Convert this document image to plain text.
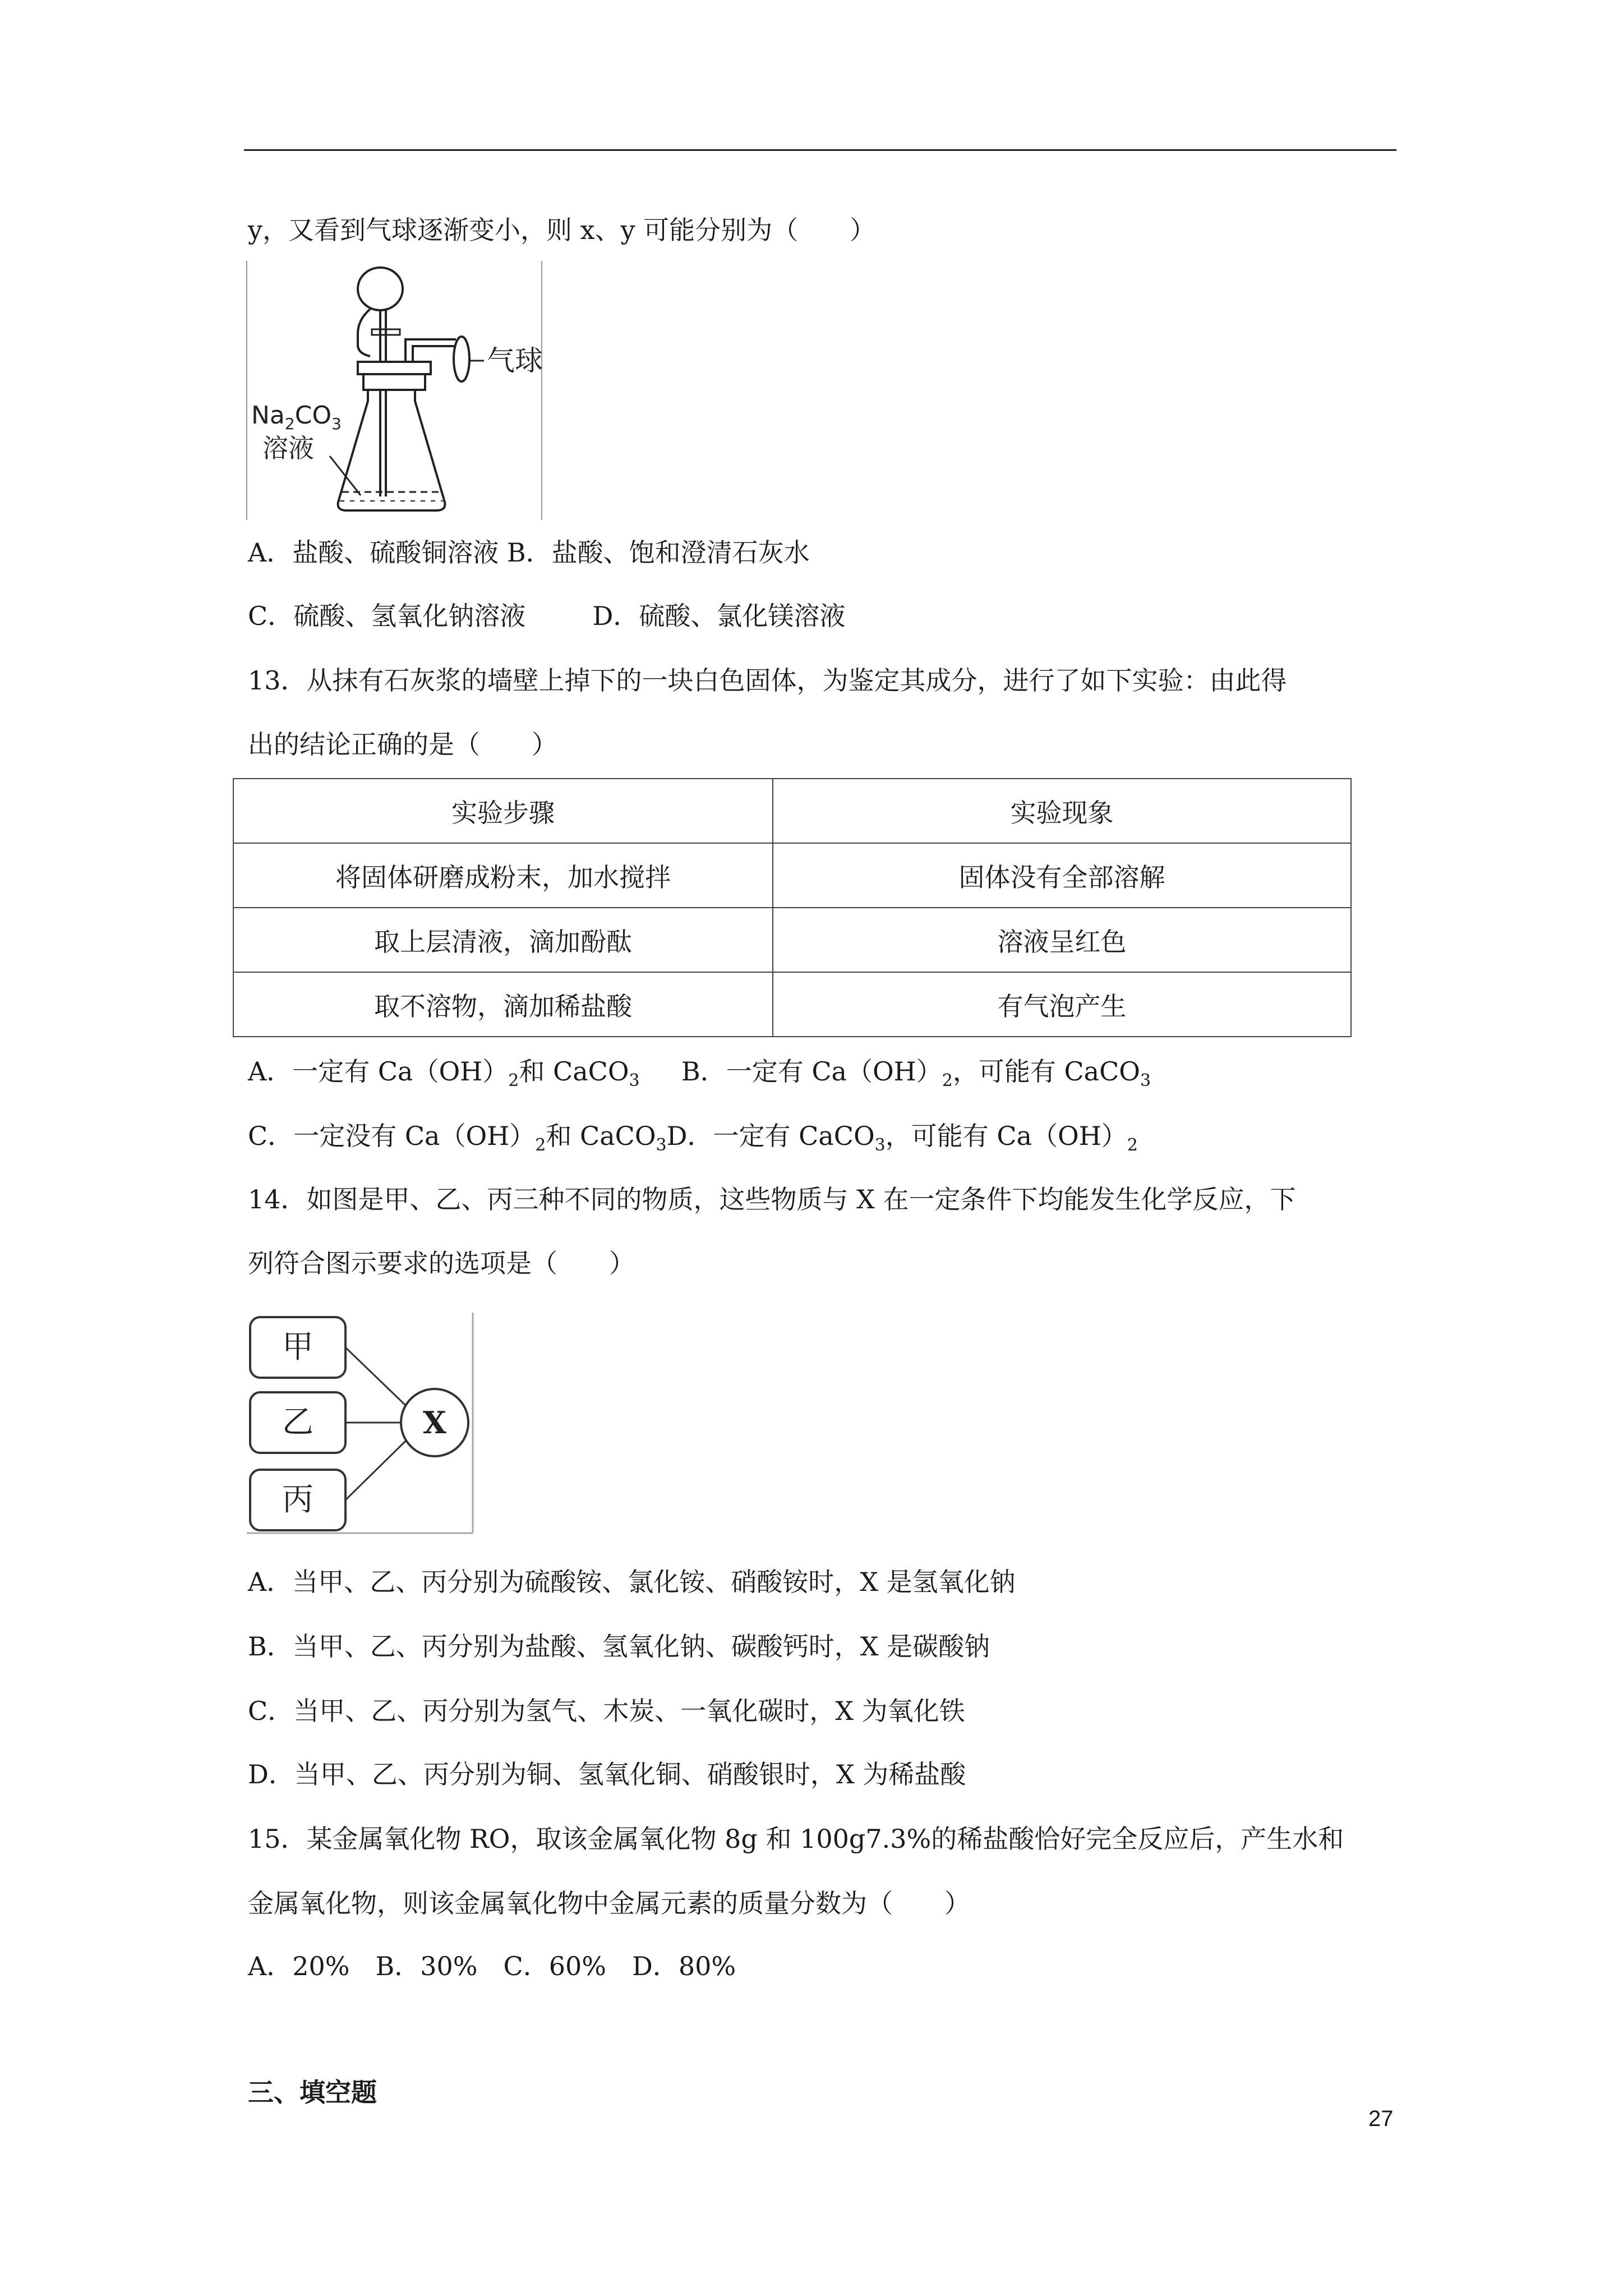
y，又看到气球逐渐变小，则 x、y 可能分别为（　　）
气球
$Na_2CO_3$
溶液
A．盐酸、硫酸铜溶液 B．盐酸、饱和澄清石灰水
C．硫酸、氢氧化钠溶液	D．硫酸、氯化镁溶液
13．从抹有石灰浆的墙壁上掉下的一块白色固体，为鉴定其成分，进行了如下实验：由此得
出的结论正确的是（　　）
实验步骤	实验现象
将固体研磨成粉末，加水搅拌	固体没有全部溶解
取上层清液，滴加酚酞	溶液呈红色
取不溶物，滴加稀盐酸	有气泡产生
A．一定有 $Ca(OH)_2$和 CaCO$_3$ B．一定有 $Ca(OH)_2$，可能有 CaCO$_3$
C．一定没有 $Ca(OH)_2$和 CaCO$_3$D．一定有 CaCO$_3$，可能有 $Ca(OH)_2$
14．如图是甲、乙、丙三种不同的物质，这些物质与 X 在一定条件下均能发生化学反应，下
列符合图示要求的选项是（　　）
甲
乙
丙
X
A．当甲、乙、丙分别为硫酸铵、氯化铵、硝酸铵时，X 是氢氧化钠
B．当甲、乙、丙分别为盐酸、氢氧化钠、碳酸钙时，X 是碳酸钠
C．当甲、乙、丙分别为氢气、木炭、一氧化碳时，X 为氧化铁
D．当甲、乙、丙分别为铜、氢氧化铜、硝酸银时，X 为稀盐酸
15．某金属氧化物 RO，取该金属氧化物 8g 和 100g7.3%的稀盐酸恰好完全反应后，产生水和
金属氧化物，则该金属氧化物中金属元素的质量分数为（　　）
A．20%　B．30%　C．60%　D．80%
三、填空题
27
